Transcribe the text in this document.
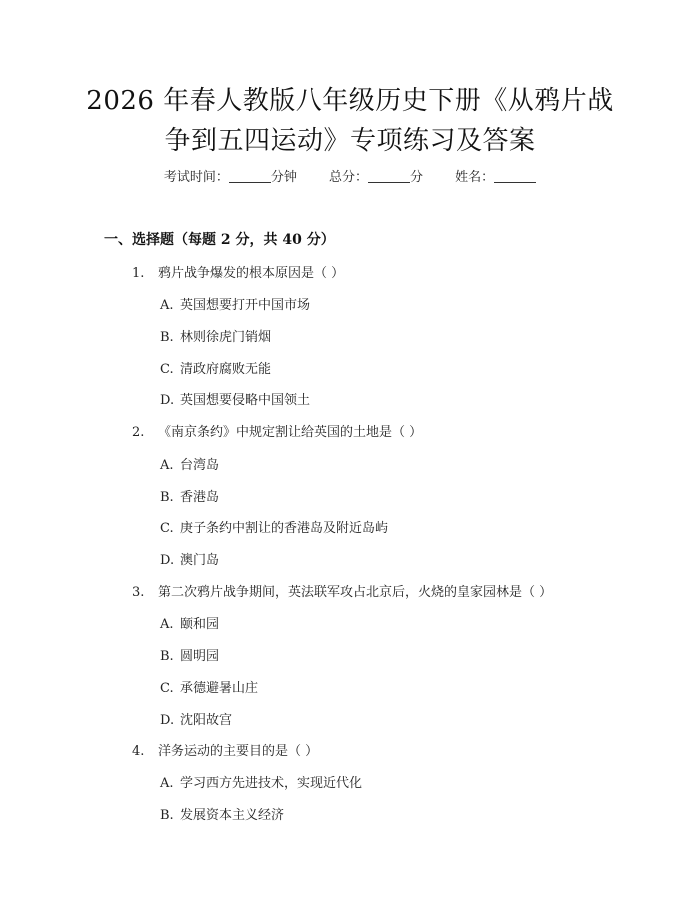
2026 年春人教版八年级历史下册《从鸦片战
争到五四运动》专项练习及答案
考试时间：	分钟 总分：	分 姓名：
一、选择题（每题 2 分，共 40 分）
1. 鸦片战争爆发的根本原因是（ ）
A. 英国想要打开中国市场
B. 林则徐虎门销烟
C. 清政府腐败无能
D. 英国想要侵略中国领土
2. 《南京条约》中规定割让给英国的土地是（ ）
A. 台湾岛
B. 香港岛
C. 庚子条约中割让的香港岛及附近岛屿
D. 澳门岛
3. 第二次鸦片战争期间，英法联军攻占北京后，火烧的皇家园林是（ ）
A. 颐和园
B. 圆明园
C. 承德避暑山庄
D. 沈阳故宫
4. 洋务运动的主要目的是（ ）
A. 学习西方先进技术，实现近代化
B. 发展资本主义经济
